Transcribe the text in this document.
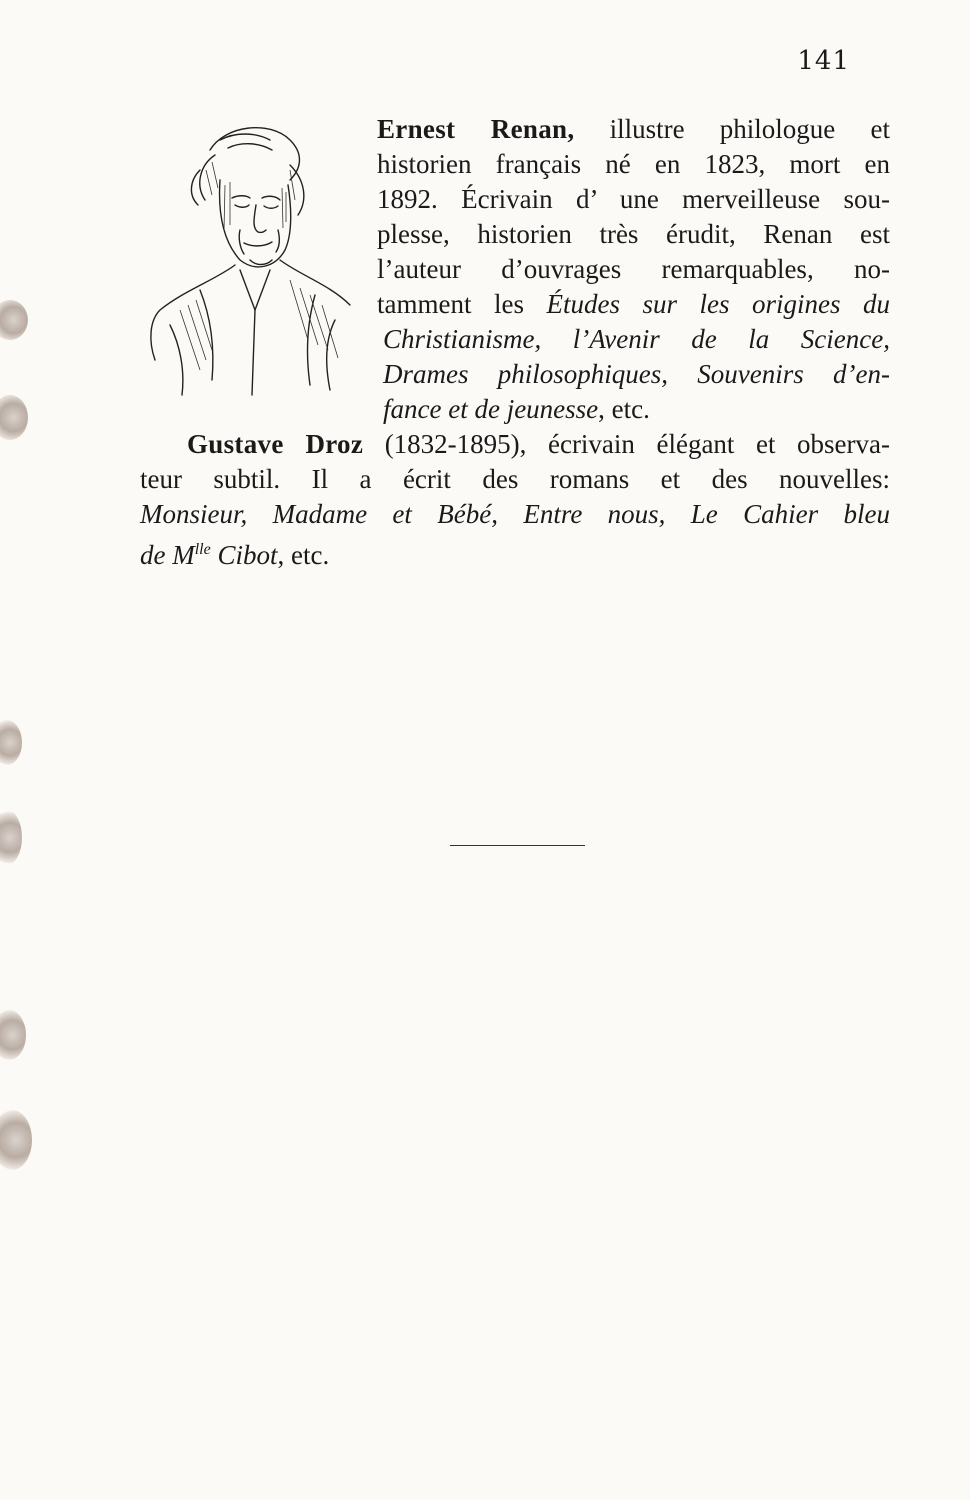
141
Ernest Renan, illustre philologue et
historien français né en 1823, mort en
1892. Écrivain d’ une merveilleuse sou-
plesse, historien très érudit, Renan est
l’auteur d’ouvrages remarquables, no-
tamment les Études sur les origines du
Christianisme, l’Avenir de la Science,
Drames philosophiques, Souvenirs d’en-
fance et de jeunesse, etc.
Gustave Droz (1832-1895), écrivain élégant et observa-
teur subtil. Il a écrit des romans et des nouvelles:
Monsieur, Madame et Bébé, Entre nous, Le Cahier bleu
de $M^{lle}$ Cibot, etc.
